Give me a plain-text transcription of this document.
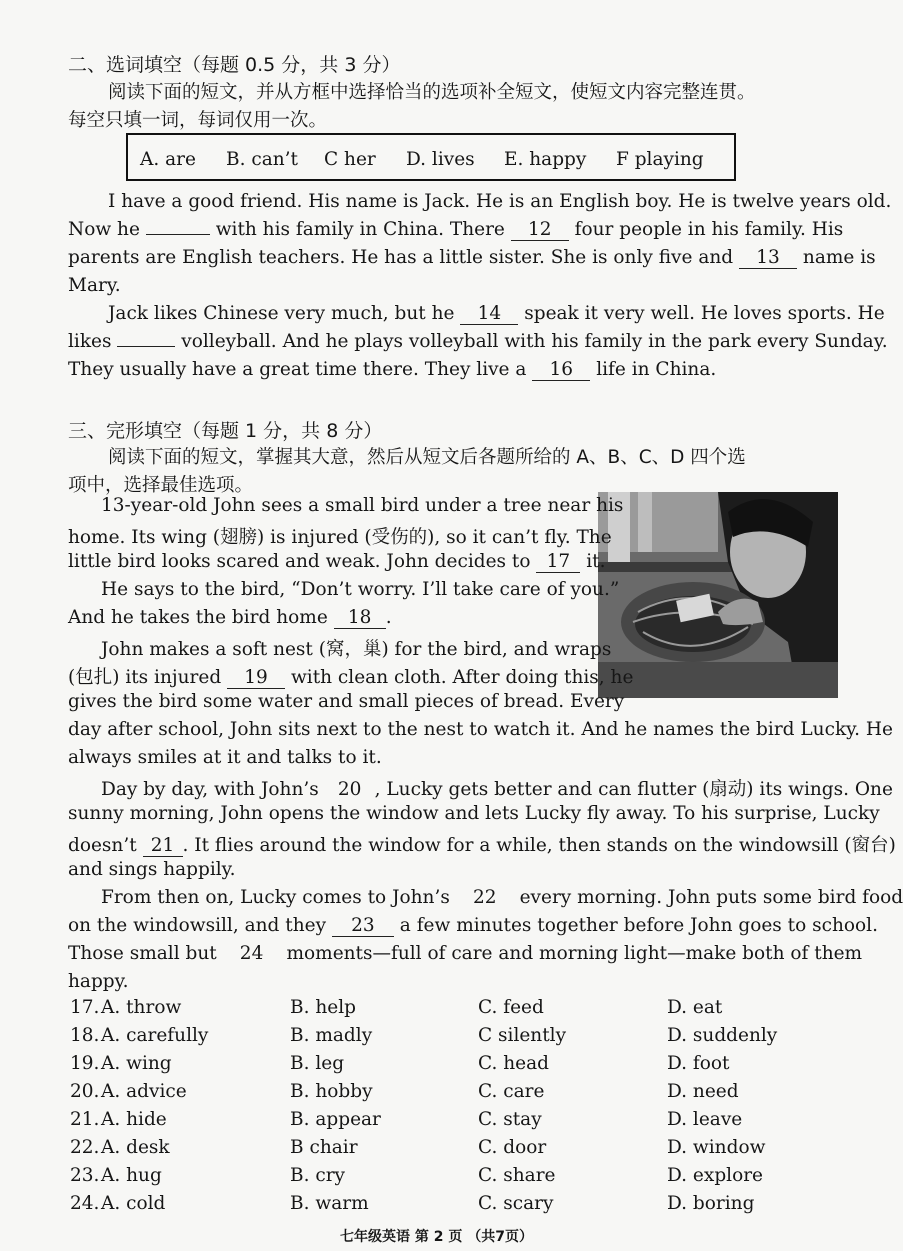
二、选词填空（每题 0.5 分，共 3 分）
阅读下面的短文，并从方框中选择恰当的选项补全短文，使短文内容完整连贯。
每空只填一词，每词仅用一次。
A. are B. can’t C her D. lives E. happy F playing
I have a good friend. His name is Jack. He is an English boy. He is twelve years old.
Now he	with his family in China. There 12 four people in his family. His
parents are English teachers. He has a little sister. She is only five and 13 name is
Mary.
Jack likes Chinese very much, but he 14 speak it very well. He loves sports. He
likes	volleyball. And he plays volleyball with his family in the park every Sunday.
They usually have a great time there. They live a 16 life in China.
三、完形填空（每题 1 分，共 8 分）
阅读下面的短文，掌握其大意，然后从短文后各题所给的 A、B、C、D 四个选
项中，选择最佳选项。
13-year-old John sees a small bird under a tree near his
home. Its wing (翅膀) is injured (受伤的), so it can’t fly. The
little bird looks scared and weak. John decides to 17 it.
He says to the bird, “Don’t worry. I’ll take care of you.”
And he takes the bird home 18 .
John makes a soft nest (窝，巢) for the bird, and wraps
(包扎) its injured 19 with clean cloth. After doing this, he
gives the bird some water and small pieces of bread. Every
day after school, John sits next to the nest to watch it. And he names the bird Lucky. He
always smiles at it and talks to it.
Day by day, with John’s 20 , Lucky gets better and can flutter (扇动) its wings. One
sunny morning, John opens the window and lets Lucky fly away. To his surprise, Lucky
doesn’t 21 . It flies around the window for a while, then stands on the windowsill (窗台)
and sings happily.
From then on, Lucky comes to John’s 22 every morning. John puts some bird food
on the windowsill, and they 23 a few minutes together before John goes to school.
Those small but 24 moments—full of care and morning light—make both of them
happy.
17. A. throw	B. help	C. feed	D. eat
18. A. carefully	B. madly	C silently	D. suddenly
19. A. wing	B. leg	C. head	D. foot
20. A. advice	B. hobby	C. care	D. need
21. A. hide	B. appear	C. stay	D. leave
22. A. desk	B chair	C. door	D. window
23. A. hug	B. cry	C. share	D. explore
24. A. cold	B. warm	C. scary	D. boring
七年级英语 第 2 页 （共7页）
